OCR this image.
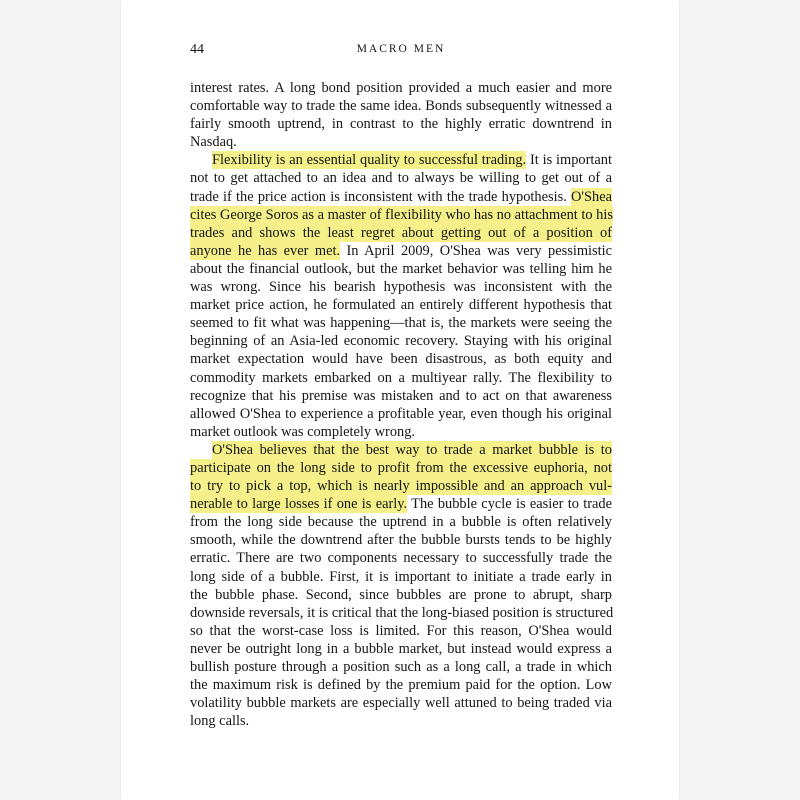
44	MACRO MEN
interest rates. A long bond position provided a much easier and more
comfortable way to trade the same idea. Bonds subsequently witnessed a
fairly smooth uptrend, in contrast to the highly erratic downtrend in
Nasdaq.
Flexibility is an essential quality to successful trading. It is important
not to get attached to an idea and to always be willing to get out of a
trade if the price action is inconsistent with the trade hypothesis. O'Shea
cites George Soros as a master of flexibility who has no attachment to his
trades and shows the least regret about getting out of a position of
anyone he has ever met. In April 2009, O'Shea was very pessimistic
about the financial outlook, but the market behavior was telling him he
was wrong. Since his bearish hypothesis was inconsistent with the
market price action, he formulated an entirely different hypothesis that
seemed to fit what was happening—that is, the markets were seeing the
beginning of an Asia-led economic recovery. Staying with his original
market expectation would have been disastrous, as both equity and
commodity markets embarked on a multiyear rally. The flexibility to
recognize that his premise was mistaken and to act on that awareness
allowed O'Shea to experience a profitable year, even though his original
market outlook was completely wrong.
O'Shea believes that the best way to trade a market bubble is to
participate on the long side to profit from the excessive euphoria, not
to try to pick a top, which is nearly impossible and an approach vul-
nerable to large losses if one is early. The bubble cycle is easier to trade
from the long side because the uptrend in a bubble is often relatively
smooth, while the downtrend after the bubble bursts tends to be highly
erratic. There are two components necessary to successfully trade the
long side of a bubble. First, it is important to initiate a trade early in
the bubble phase. Second, since bubbles are prone to abrupt, sharp
downside reversals, it is critical that the long-biased position is structured
so that the worst-case loss is limited. For this reason, O'Shea would
never be outright long in a bubble market, but instead would express a
bullish posture through a position such as a long call, a trade in which
the maximum risk is defined by the premium paid for the option. Low
volatility bubble markets are especially well attuned to being traded via
long calls.
